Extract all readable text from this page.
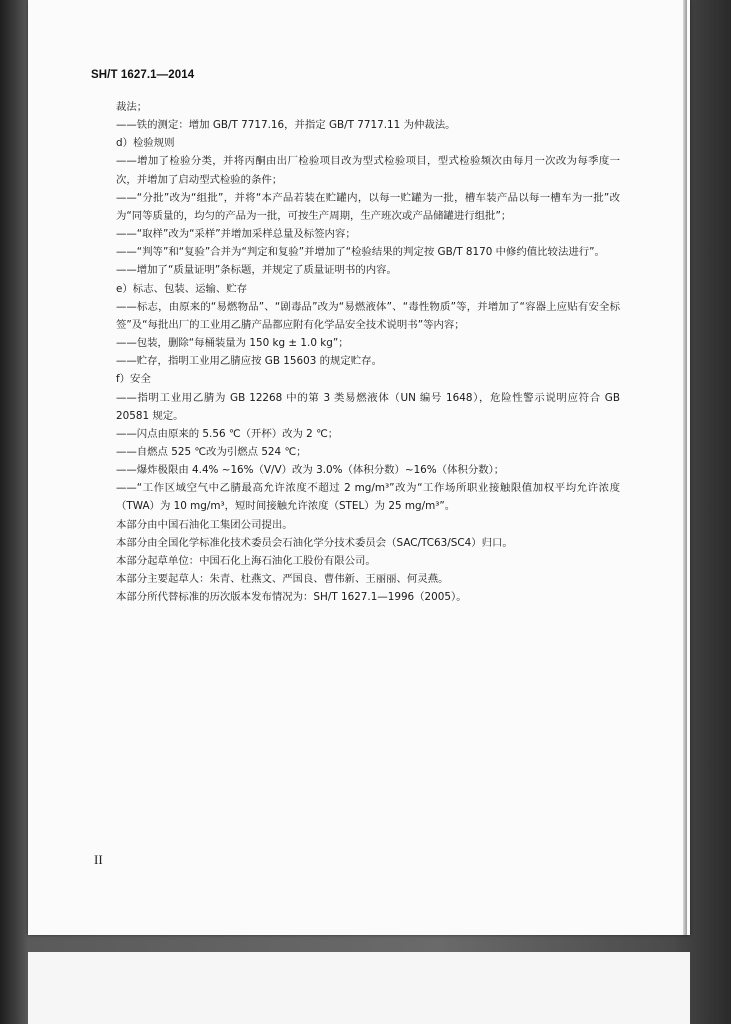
SH/T 1627.1—2014

裁法；

——铁的测定：增加 GB/T 7717.16，并指定 GB/T 7717.11 为仲裁法。

d）检验规则

——增加了检验分类，并将丙酮由出厂检验项目改为型式检验项目，型式检验频次由每月一次改为每季度一次，并增加了启动型式检验的条件；

——“分批”改为“组批”，并将“本产品若装在贮罐内，以每一贮罐为一批，槽车装产品以每一槽车为一批”改为“同等质量的，均匀的产品为一批，可按生产周期，生产班次或产品储罐进行组批”；

——“取样”改为“采样”并增加采样总量及标签内容；

——“判等”和“复验”合并为“判定和复验”并增加了“检验结果的判定按 GB/T 8170 中修约值比较法进行”。

——增加了“质量证明”条标题，并规定了质量证明书的内容。

e）标志、包装、运输、贮存

——标志，由原来的“易燃物品”、“剧毒品”改为“易燃液体”、“毒性物质”等，并增加了“容器上应贴有安全标签”及“每批出厂的工业用乙腈产品都应附有化学品安全技术说明书”等内容；

——包装，删除“每桶装量为 150 kg ± 1.0 kg”；

——贮存，指明工业用乙腈应按 GB 15603 的规定贮存。

f）安全

——指明工业用乙腈为 GB 12268 中的第 3 类易燃液体（UN 编号 1648），危险性警示说明应符合 GB 20581 规定。

——闪点由原来的 5.56 ℃（开杯）改为 2 ℃；

——自燃点 525 ℃改为引燃点 524 ℃；

——爆炸极限由 4.4% ~16%（V/V）改为 3.0%（体积分数）~16%（体积分数）；

——“工作区域空气中乙腈最高允许浓度不超过 2 mg/m³”改为“工作场所职业接触限值加权平均允许浓度（TWA）为 10 mg/m³，短时间接触允许浓度（STEL）为 25 mg/m³”。

本部分由中国石油化工集团公司提出。

本部分由全国化学标准化技术委员会石油化学分技术委员会（SAC/TC63/SC4）归口。

本部分起草单位：中国石化上海石油化工股份有限公司。

本部分主要起草人：朱青、杜燕文、严国良、曹伟新、王丽丽、何灵燕。

本部分所代替标准的历次版本发布情况为：SH/T 1627.1—1996（2005）。

II
